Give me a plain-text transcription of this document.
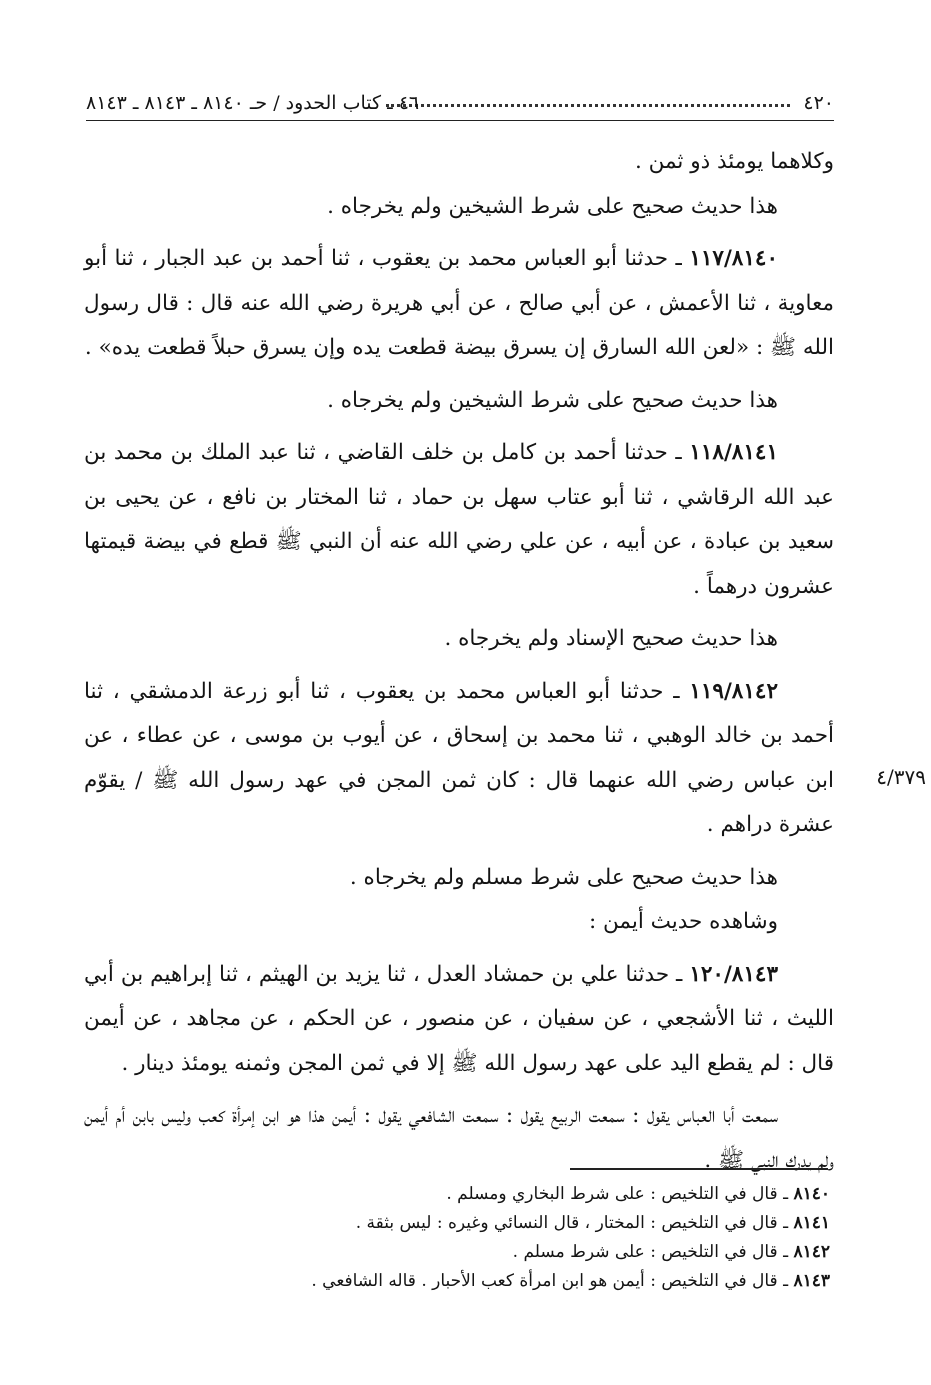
٤٢٠
٤٦ ـ كتاب الحدود / حـ ٨١٤٠ ـ ٨١٤٣ ـ ٨١٤٣

وكلاهما يومئذ ذو ثمن .

هذا حديث صحيح على شرط الشيخين ولم يخرجاه .

١١٧/٨١٤٠ ـ حدثنا أبو العباس محمد بن يعقوب ، ثنا أحمد بن عبد الجبار ، ثنا أبو معاوية ، ثنا الأعمش ، عن أبي صالح ، عن أبي هريرة رضي الله عنه قال : قال رسول الله ﷺ : «لعن الله السارق إن يسرق بيضة قطعت يده وإن يسرق حبلاً قطعت يده» .

هذا حديث صحيح على شرط الشيخين ولم يخرجاه .

١١٨/٨١٤١ ـ حدثنا أحمد بن كامل بن خلف القاضي ، ثنا عبد الملك بن محمد بن عبد الله الرقاشي ، ثنا أبو عتاب سهل بن حماد ، ثنا المختار بن نافع ، عن يحيى بن سعيد بن عبادة ، عن أبيه ، عن علي رضي الله عنه أن النبي ﷺ قطع في بيضة قيمتها عشرون درهماً .

هذا حديث صحيح الإسناد ولم يخرجاه .

١١٩/٨١٤٢ ـ حدثنا أبو العباس محمد بن يعقوب ، ثنا أبو زرعة الدمشقي ، ثنا أحمد بن خالد الوهبي ، ثنا محمد بن إسحاق ، عن أيوب بن موسى ، عن عطاء ، عن ابن عباس رضي الله عنهما قال : كان ثمن المجن في عهد رسول الله ﷺ / يقوّم عشرة دراهم .

هذا حديث صحيح على شرط مسلم ولم يخرجاه .

وشاهده حديث أيمن :

١٢٠/٨١٤٣ ـ حدثنا علي بن حمشاد العدل ، ثنا يزيد بن الهيثم ، ثنا إبراهيم بن أبي الليث ، ثنا الأشجعي ، عن سفيان ، عن منصور ، عن الحكم ، عن مجاهد ، عن أيمن قال : لم يقطع اليد على عهد رسول الله ﷺ إلا في ثمن المجن وثمنه يومئذ دينار .

سمعت أبا العباس يقول : سمعت الربيع يقول : سمعت الشافعي يقول : أيمن هذا هو ابن إمرأة كعب وليس بابن أم أيمن ولم يدرك النبي ﷺ .

٤/٣٧٩

٨١٤٠ ـ قال في التلخيص : على شرط البخاري ومسلم .

٨١٤١ ـ قال في التلخيص : المختار ، قال النسائي وغيره : ليس بثقة .

٨١٤٢ ـ قال في التلخيص : على شرط مسلم .

٨١٤٣ ـ قال في التلخيص : أيمن هو ابن امرأة كعب الأحبار . قاله الشافعي .
